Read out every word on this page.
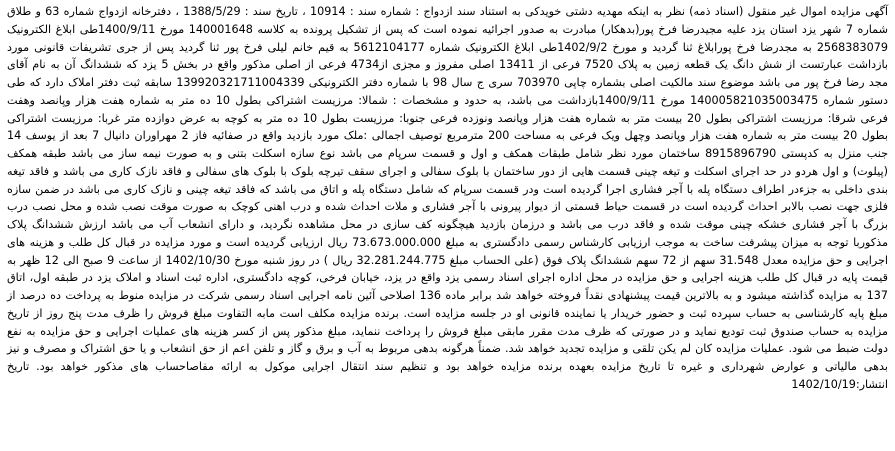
آگهی مزایده اموال غیر منقول (اسناد ذمه) نظر به اینکه مهدیه دشتی خویدکی به استناد سند ازدواج : شماره سند : 10914 ، تاریخ سند : 1388/5/29 ، دفترخانه ازدواج شماره 63 و طلاق شماره 7 شهر یزد استان یزد علیه مجیدرضا فرخ پور(بدهکار) مبادرت به صدور اجرائیه نموده است که پس از تشکیل پرونده به کلاسه 140001648 مورخ 1400/9/11طی ابلاغ الکترونیک 2568383079 به مجدرضا فرخ پورابلاغ ثنا گردید و مورخ 1402/9/2طی ابلاغ الکترونیک شماره 5612104177 به قیم خانم لیلی فرخ پور ثنا گردید پس از جری تشریفات قانونی مورد بازداشت عبارتست از شش دانگ یک قطعه زمین به پلاک 7520 فرعی از 13411 اصلی مفروز و مجزی از4734 فرعی از اصلی مذکور واقع در بخش 5 یزد که ششدانگ آن به نام آقای مجد رضا فرخ پور می باشد موضوع سند مالکیت اصلی بشماره چاپی 703970 سری ج سال 98 با شماره دفتر الکترونیکی 139920321711004339 سابقه ثبت دفتر املاک دارد که طی دستور شماره 140005821035003475 مورخ 1400/9/11بازداشت می باشد، به حدود و مشخصات : شمالا: مرزیست اشتراکی بطول 10 ده متر به شماره هفت هزار وپانصد وهفت فرعی شرقا: مرزیست اشتراکی بطول 20 بیست متر به شماره هفت هزار وپانصد ونوزده فرعی جنوبا: مرزیست بطول 10 ده متر به کوچه به عرض دوازده متر غربا: مرزیست اشتراکی بطول 20 بیست متر به شماره هفت هزار وپانصد وچهل ویک فرعی به مساحت 200 مترمربع توصیف اجمالی :ملک مورد بازدید واقع در صفائیه فاز 2 مهراوران دانیال 7 بعد از یوسف 14 جنب منزل به کدپستی 8915896790 ساختمان مورد نظر شامل طبقات همکف و اول و قسمت سرپام می باشد نوع سازه اسکلت بتنی و به صورت نیمه ساز می باشد طبقه همکف (پیلوت) و اول هردو در حد اجرای اسکلت و تیغه چینی قسمت هایی از دور ساختمان با بلوک سفالی و اجرای سقف تیرچه بلوک با بلوک های سفالی و فاقد نازک کاری می باشد و فاقد تیغه بندی داخلی به جزءدر اطراف دستگاه پله با آجر فشاری اجرا گردیده است ودر قسمت سرپام که شامل دستگاه پله و اتاق می باشد که فاقد تیغه چینی و نازک کاری می باشد در ضمن سازه فلزی جهت نصب بالابر احداث گردیده است در قسمت حیاط قسمتی از دیوار پیرونی با آجر فشاری و ملات احداث شده و درب اهنی کوچک به صورت موقت نصب شده و محل نصب درب بزرگ با آجر فشاری خشکه چینی موقت شده و فاقد درب می باشد و درزمان بازدید هیچگونه کف سازی در محل مشاهده نگردید، و دارای انشعاب آب می باشد ارزش ششدانگ پلاک مذکوربا توجه به میزان پیشرفت ساخت به موجب ارزیابی کارشناس رسمی دادگستری به مبلغ 73.673.000.000 ریال ارزیابی گردیده است و مورد مزایده در قبال کل طلب و هزینه های اجرایی و حق مزایده معدل 31.548 سهم از 72 سهم ششدانگ پلاک فوق (علی الحساب مبلغ 32.281.244.775 ریال ) در روز شنبه مورخ 1402/10/30 از ساعت 9 صبح الی 12 ظهر به قیمت پایه در قبال کل طلب هزینه اجرایی و حق مزایده در محل اداره اجرای اسناد رسمی یزد واقع در یزد، خیابان فرخی، کوچه دادگستری، اداره ثبت اسناد و املاک یزد در طبقه اول، اتاق 137 به مزایده گذاشته میشود و به بالاترین قیمت پیشنهادی نقداً فروخته خواهد شد برابر ماده 136 اصلاحی آئین نامه اجرایی اسناد رسمی شرکت در مزایده منوط به پرداخت ده درصد از مبلغ پایه کارشناسی به حساب سپرده ثبت و حضور خریدار یا نماینده قانونی او در جلسه مزایده است. برنده مزایده مکلف است مابه التفاوت مبلغ فروش را ظرف مدت پنج روز از تاریخ مزایده به حساب صندوق ثبت تودیع نماید و در صورتی که ظرف مدت مقرر مابقی مبلغ فروش را پرداخت ننماید، مبلغ مذکور پس از کسر هزینه های عملیات اجرایی و حق مزایده به نفع دولت ضبط می شود. عملیات مزایده کان لم یکن تلقی و مزایده تجدید خواهد شد. ضمناً هرگونه بدهی مربوط به آب و برق و گاز و تلفن اعم از حق انشعاب و یا حق اشتراک و مصرف و نیز بدهی مالیاتی و عوارض شهرداری و غیره تا تاریخ مزایده بعهده برنده مزایده خواهد بود و تنظیم سند انتقال اجرایی موکول به ارائه مفاصاحساب های مذکور خواهد بود. تاریخ انتشار:1402/10/19
